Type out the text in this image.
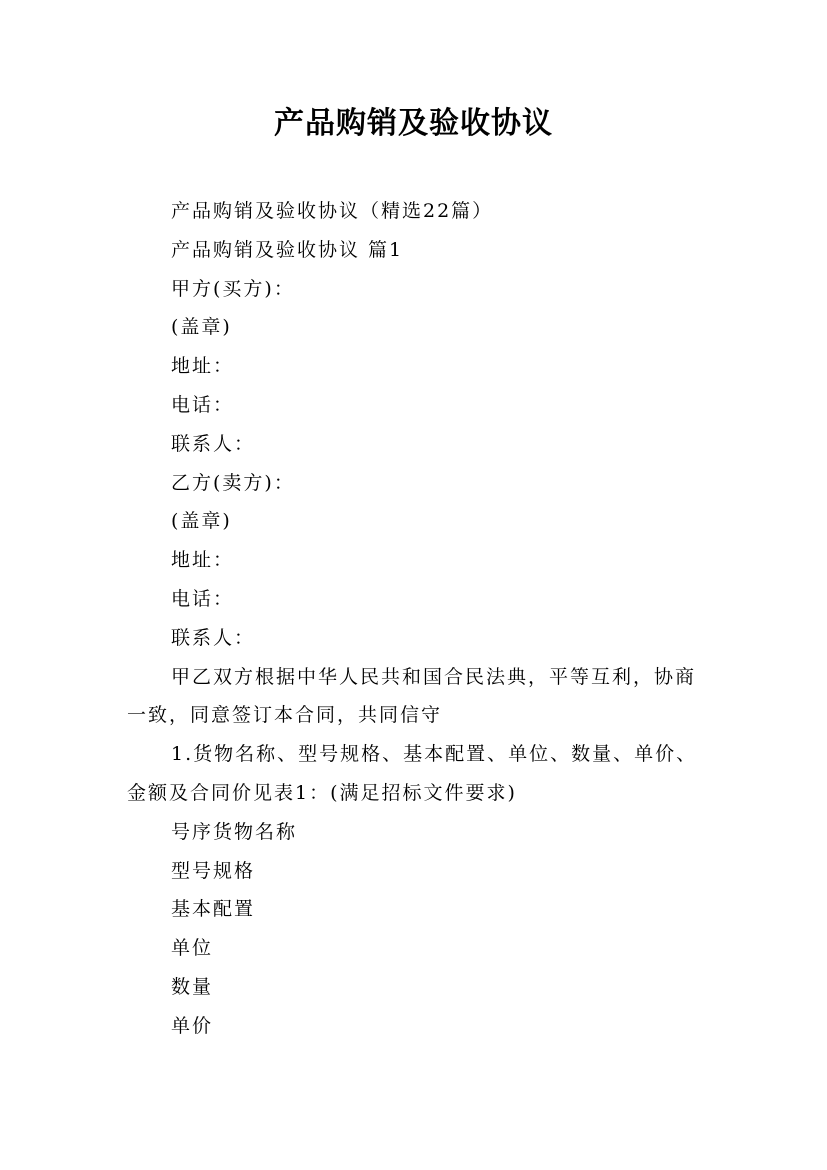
产品购销及验收协议

产品购销及验收协议（精选22篇）

产品购销及验收协议 篇1

甲方(买方)：

(盖章)

地址：

电话：

联系人：

乙方(卖方)：

(盖章)

地址：

电话：

联系人：

甲乙双方根据中华人民共和国合民法典，平等互利，协商一致，同意签订本合同，共同信守

1.货物名称、型号规格、基本配置、单位、数量、单价、金额及合同价见表1：(满足招标文件要求)

号序货物名称

型号规格

基本配置

单位

数量

单价
